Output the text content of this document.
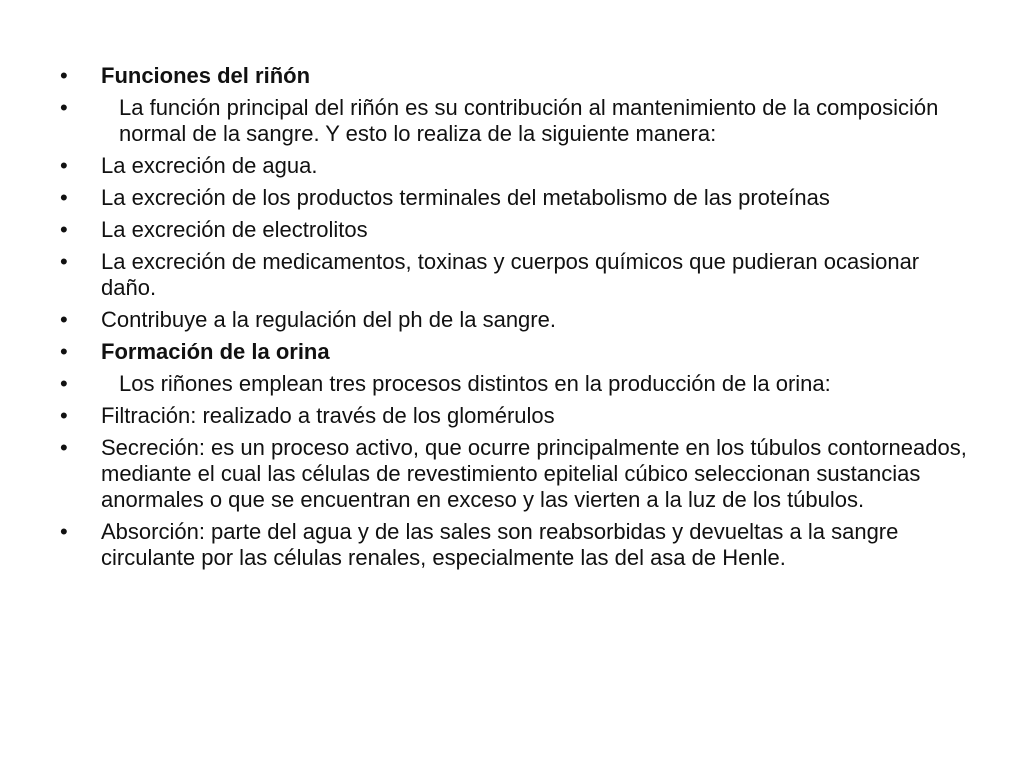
•	Funciones del riñón
•	La función principal del riñón es su contribución al mantenimiento de la composición normal de la sangre. Y esto lo realiza de la siguiente manera:
•	La excreción de agua.
•	La excreción de los productos terminales del metabolismo de las proteínas
•	La excreción de electrolitos
•	La excreción de medicamentos, toxinas y cuerpos químicos que pudieran ocasionar daño.
•	Contribuye a la regulación del ph de la sangre.
•	Formación de la orina
•	Los riñones emplean tres procesos distintos en la producción de la orina:
•	Filtración: realizado a través de los glomérulos
•	Secreción: es un proceso activo, que ocurre principalmente en los túbulos contorneados, mediante el cual las células de revestimiento epitelial cúbico seleccionan sustancias anormales o que se encuentran en exceso y las vierten a la luz de los túbulos.
•	Absorción: parte del agua y de las sales son reabsorbidas y devueltas a la sangre circulante por las células renales, especialmente las del asa de Henle.
